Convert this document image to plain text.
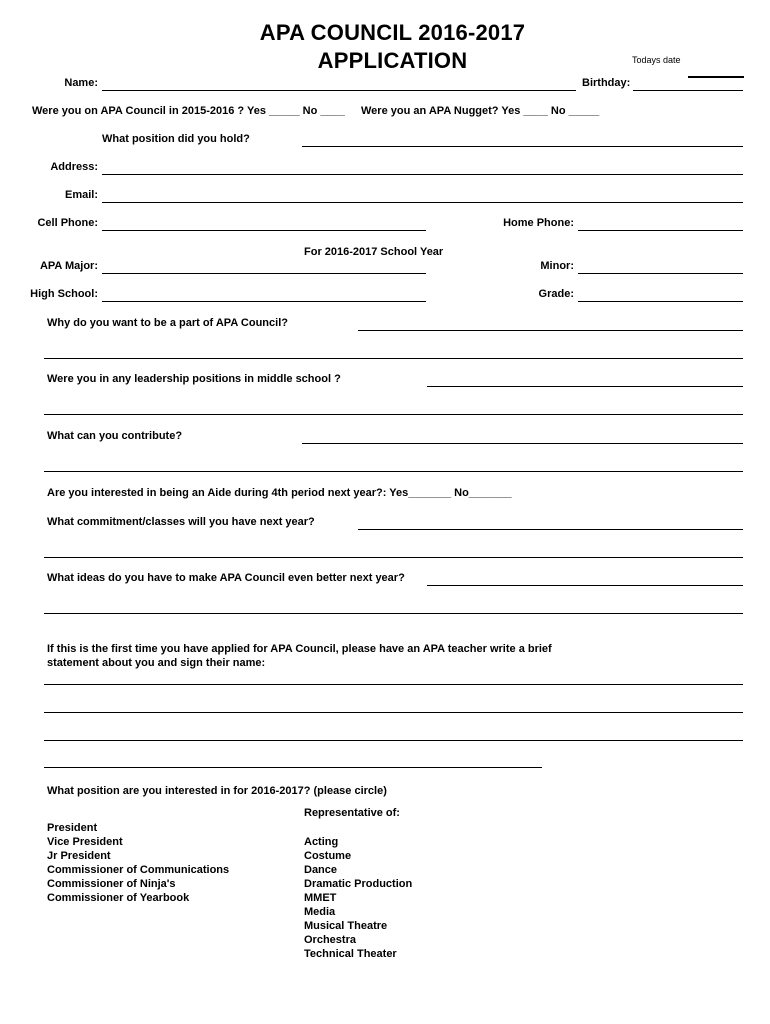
APA COUNCIL 2016-2017
APPLICATION	Todays date
Name:	Birthday:
Were you on APA Council in 2015-2016 ? Yes _____ No ____ Were you an APA Nugget? Yes ____ No _____
What position did you hold?
Address:
Email:
Cell Phone:	Home Phone:
For 2016-2017 School Year
APA Major:	Minor:
High School:	Grade:
Why do you want to be a part of APA Council?
Were you in any leadership positions in middle school ?
What can you contribute?
Are you interested in being an Aide during 4th period next year?: Yes_______ No_______
What commitment/classes will you have next year?
What ideas do you have to make APA Council even better next year?
If this is the first time you have applied for APA Council, please have an APA teacher write a brief
statement about you and sign their name:
What position are you interested in for 2016-2017? (please circle)
Representative of:
President
Vice President
Jr President
Commissioner of Communications
Commissioner of Ninja's
Commissioner of Yearbook
Acting
Costume
Dance
Dramatic Production
MMET
Media
Musical Theatre
Orchestra
Technical Theater
